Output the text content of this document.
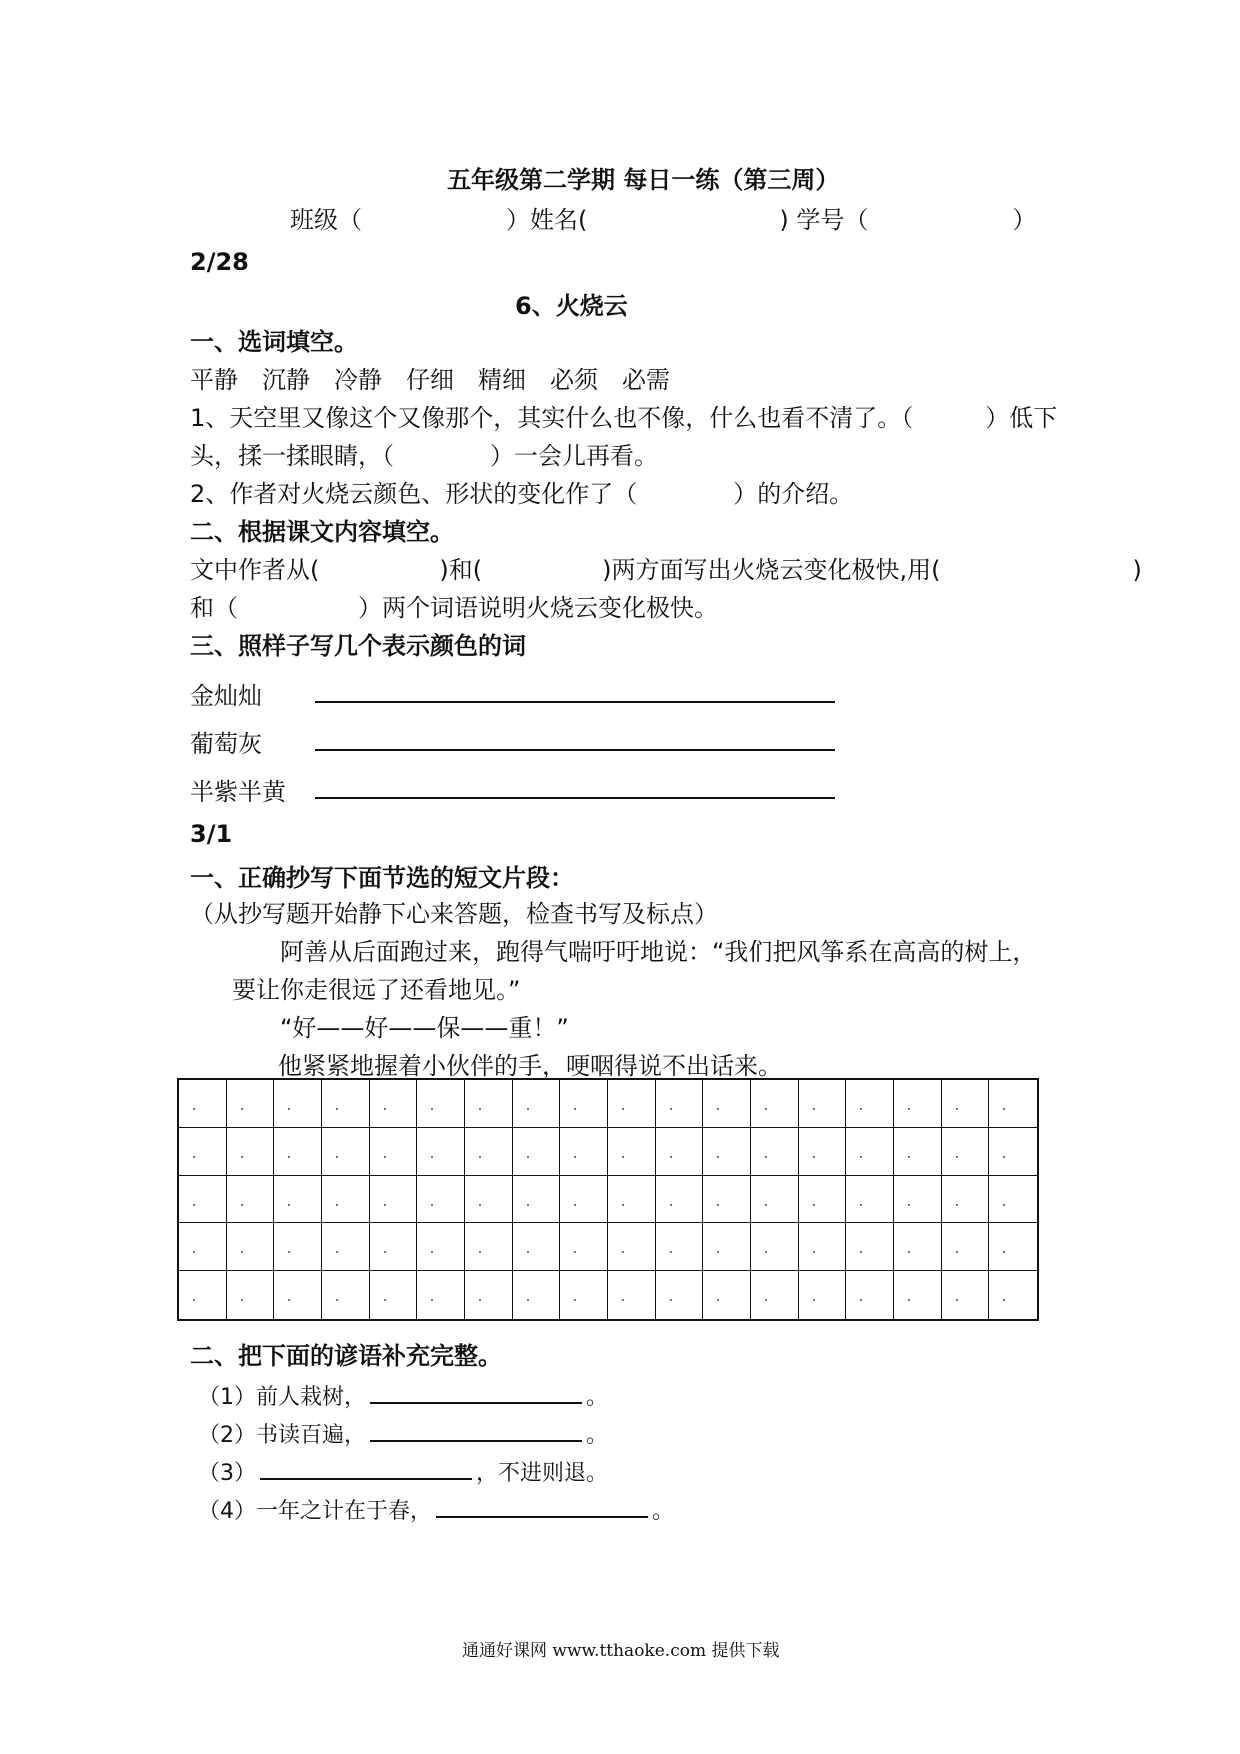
五年级第二学期 每日一练（第三周）
班级（　　　　　　）姓名(　　　　　　　　) 学号（　　　　　　）
2/28
6、火烧云
一、选词填空。
平静　沉静　冷静　仔细　精细　必须　必需
1、天空里又像这个又像那个，其实什么也不像，什么也看不清了。（　　　）低下
头，揉一揉眼睛，（　　　　）一会儿再看。
2、作者对火烧云颜色、形状的变化作了（　　　　）的介绍。
二、根据课文内容填空。
文中作者从(　　　　　)和(　　　　　)两方面写出火烧云变化极快,用(　　　　　　　　)
和（　　　　　）两个词语说明火烧云变化极快。
三、照样子写几个表示颜色的词
金灿灿
葡萄灰
半紫半黄
3/1
一、正确抄写下面节选的短文片段：
（从抄写题开始静下心来答题，检查书写及标点）
阿善从后面跑过来，跑得气喘吁吁地说：“我们把风筝系在高高的树上，
要让你走很远了还看地见。”
“好——好——保——重！”
他紧紧地握着小伙伴的手，哽咽得说不出话来。
二、把下面的谚语补充完整。
（1）前人栽树，	。
（2）书读百遍，	。
（3）	，不进则退。
（4）一年之计在于春，	。
通通好课网 www.tthaoke.com 提供下载
